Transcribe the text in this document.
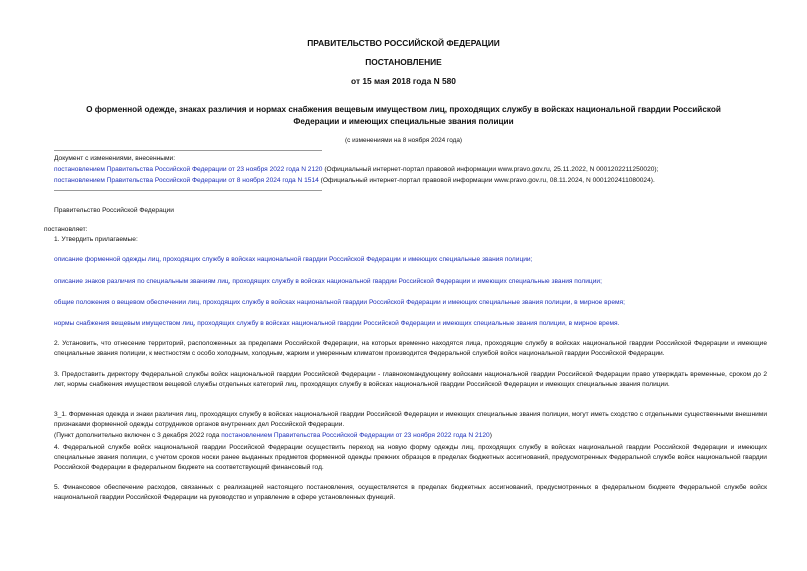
ПРАВИТЕЛЬСТВО РОССИЙСКОЙ ФЕДЕРАЦИИ
ПОСТАНОВЛЕНИЕ
от 15 мая 2018 года N 580
О форменной одежде, знаках различия и нормах снабжения вещевым имуществом лиц, проходящих службу в войсках национальной гвардии Российской
Федерации и имеющих специальные звания полиции
(с изменениями на 8 ноября 2024 года)
Документ с изменениями, внесенными:
постановлением Правительства Российской Федерации от 23 ноября 2022 года N 2120 (Официальный интернет-портал правовой информации www.pravo.gov.ru, 25.11.2022, N 0001202211250020);
постановлением Правительства Российской Федерации от 8 ноября 2024 года N 1514 (Официальный интернет-портал правовой информации www.pravo.gov.ru, 08.11.2024, N 0001202411080024).
Правительство Российской Федерации
постановляет:
1. Утвердить прилагаемые:
описание форменной одежды лиц, проходящих службу в войсках национальной гвардии Российской Федерации и имеющих специальные звания полиции;
описание знаков различия по специальным званиям лиц, проходящих службу в войсках национальной гвардии Российской Федерации и имеющих специальные звания полиции;
общие положения о вещевом обеспечении лиц, проходящих службу в войсках национальной гвардии Российской Федерации и имеющих специальные звания полиции, в мирное время;
нормы снабжения вещевым имуществом лиц, проходящих службу в войсках национальной гвардии Российской Федерации и имеющих специальные звания полиции, в мирное время.

2. Установить, что отнесение территорий, расположенных за пределами Российской Федерации, на которых временно находятся лица, проходящие службу в войсках национальной гвардии Российской Федерации и имеющие специальные звания полиции, к местностям с особо холодным, холодным, жарким и умеренным климатом производится Федеральной службой войск национальной гвардии Российской Федерации.

3. Предоставить директору Федеральной службы войск национальной гвардии Российской Федерации - главнокомандующему войсками национальной гвардии Российской Федерации право утверждать временные, сроком до 2 лет, нормы снабжения имуществом вещевой службы отдельных категорий лиц, проходящих службу в войсках национальной гвардии Российской Федерации и имеющих специальные звания полиции.

3_1. Форменная одежда и знаки различия лиц, проходящих службу в войсках национальной гвардии Российской Федерации и имеющих специальные звания полиции, могут иметь сходство с отдельными существенными внешними признаками форменной одежды сотрудников органов внутренних дел Российской Федерации.

(Пункт дополнительно включен с 3 декабря 2022 года постановлением Правительства Российской Федерации от 23 ноября 2022 года N 2120)

4. Федеральной службе войск национальной гвардии Российской Федерации осуществить переход на новую форму одежды лиц, проходящих службу в войсках национальной гвардии Российской Федерации и имеющих специальные звания полиции, с учетом сроков носки ранее выданных предметов форменной одежды прежних образцов в пределах бюджетных ассигнований, предусмотренных Федеральной службе войск национальной гвардии Российской Федерации в федеральном бюджете на соответствующий финансовый год.

5. Финансовое обеспечение расходов, связанных с реализацией настоящего постановления, осуществляется в пределах бюджетных ассигнований, предусмотренных в федеральном бюджете Федеральной службе войск национальной гвардии Российской Федерации на руководство и управление в сфере установленных функций.
